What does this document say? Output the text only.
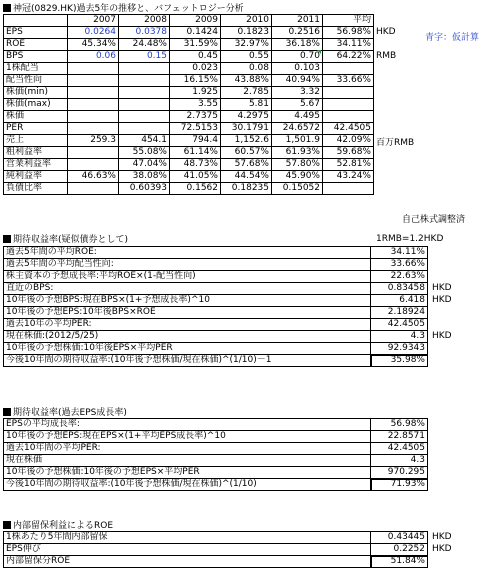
神冠(0829.HK)過去5年の推移と、バフェットロジー分析
	2007	2008	2009	2010	2011	平均
EPS	0.0264	0.0378	0.1424	0.1823	0.2516	56.98%
ROE	45.34%	24.48%	31.59%	32.97%	36.18%	34.11%
BPS	0.06	0.15	0.45	0.55	0.70	64.22%
1株配当			0.023	0.08	0.103	
配当性向			16.15%	43.88%	40.94%	33.66%
株価(min)			1.925	2.785	3.32	
株価(max)			3.55	5.81	5.67	
株価			2.7375	4.2975	4.495	
PER			72.5153	30.1791	24.6572	42.4505
売上	259.3	454.1	794.4	1,152.6	1,501.9	42.09%
粗利益率		55.08%	61.14%	60.57%	61.93%	59.68%
営業利益率		47.04%	48.73%	57.68%	57.80%	52.81%
純利益率	46.63%	38.08%	41.05%	44.54%	45.90%	43.24%
負債比率		0.60393	0.1562	0.18235	0.15052	
HKD
RMB
百万RMB
青字：仮計算
自己株式調整済
期待収益率(疑似債券として)	1RMB=1.2HKD
過去5年間の平均ROE:	34.11%
過去5年間の平均配当性向:	33.66%
株主資本の予想成長率:平均ROE×(1-配当性向)	22.63%
直近のBPS:	0.83458
10年後の予想BPS:現在BPS×(1+予想成長率)^10	6.418
10年後の予想EPS:10年後BPS×ROE	2.18924
過去10年の平均PER:	42.4505
現在株価:(2012/5/25)	4.3
10年後の予想株価:10年後EPS×平均PER	92.9343
今後10年間の期待収益率:(10年後予想株価/現在株価)^(1/10)－1	35.98%
HKD
HKD
HKD
期待収益率(過去EPS成長率)
EPSの平均成長率:	56.98%
10年後の予想EPS:現在EPS×(1+平均EPS成長率)^10	22.8571
過去10年間の平均PER:	42.4505
現在株価	4.3
10年後の予想株価:10年後の予想EPS×平均PER	970.295
今後10年間の期待収益率:(10年後予想株価/現在株価)^(1/10)	71.93%
内部留保利益によるROE
1株あたり5年間内部留保	0.43445
EPS伸び	0.2252
内部留保分ROE	51.84%
HKD
HKD
